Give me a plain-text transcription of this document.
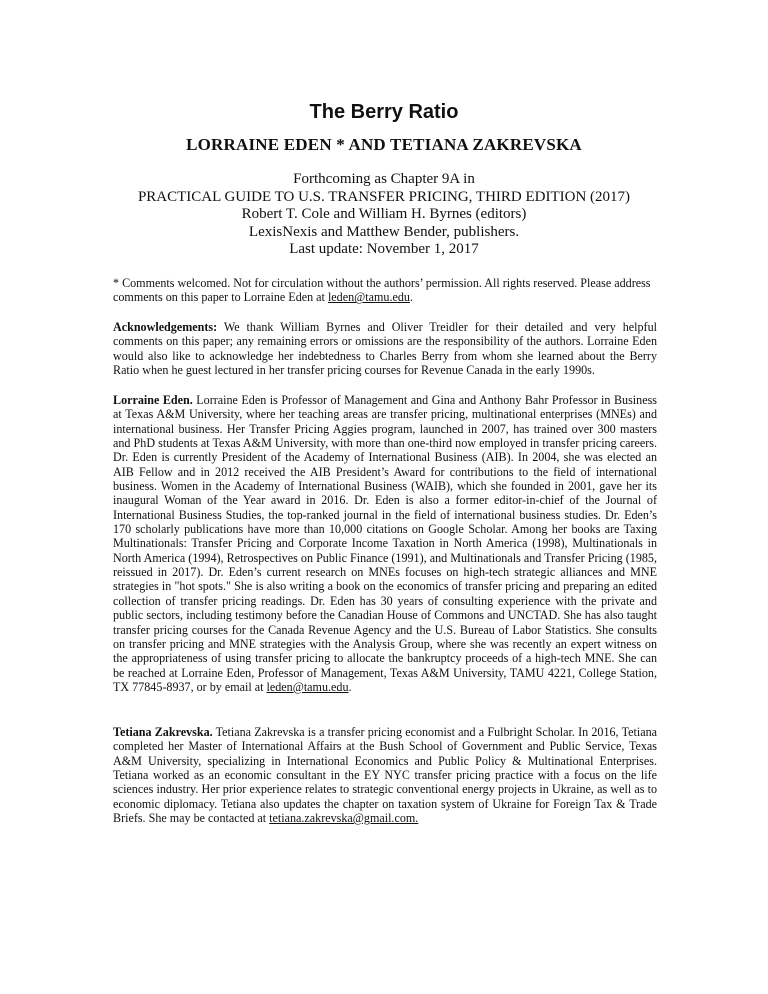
The Berry Ratio
LORRAINE EDEN * AND TETIANA ZAKREVSKA
Forthcoming as Chapter 9A in
PRACTICAL GUIDE TO U.S. TRANSFER PRICING, THIRD EDITION (2017)
Robert T. Cole and William H. Byrnes (editors)
LexisNexis and Matthew Bender, publishers.
Last update: November 1, 2017
* Comments welcomed. Not for circulation without the authors’ permission. All rights reserved. Please address comments on this paper to Lorraine Eden at leden@tamu.edu.
Acknowledgements: We thank William Byrnes and Oliver Treidler for their detailed and very helpful comments on this paper; any remaining errors or omissions are the responsibility of the authors. Lorraine Eden would also like to acknowledge her indebtedness to Charles Berry from whom she learned about the Berry Ratio when he guest lectured in her transfer pricing courses for Revenue Canada in the early 1990s.
Lorraine Eden. Lorraine Eden is Professor of Management and Gina and Anthony Bahr Professor in Business at Texas A&M University, where her teaching areas are transfer pricing, multinational enterprises (MNEs) and international business. Her Transfer Pricing Aggies program, launched in 2007, has trained over 300 masters and PhD students at Texas A&M University, with more than one-third now employed in transfer pricing careers. Dr. Eden is currently President of the Academy of International Business (AIB). In 2004, she was elected an AIB Fellow and in 2012 received the AIB President’s Award for contributions to the field of international business. Women in the Academy of International Business (WAIB), which she founded in 2001, gave her its inaugural Woman of the Year award in 2016. Dr. Eden is also a former editor-in-chief of the Journal of International Business Studies, the top-ranked journal in the field of international business studies. Dr. Eden’s 170 scholarly publications have more than 10,000 citations on Google Scholar. Among her books are Taxing Multinationals: Transfer Pricing and Corporate Income Taxation in North America (1998), Multinationals in North America (1994), Retrospectives on Public Finance (1991), and Multinationals and Transfer Pricing (1985, reissued in 2017). Dr. Eden’s current research on MNEs focuses on high-tech strategic alliances and MNE strategies in "hot spots." She is also writing a book on the economics of transfer pricing and preparing an edited collection of transfer pricing readings. Dr. Eden has 30 years of consulting experience with the private and public sectors, including testimony before the Canadian House of Commons and UNCTAD. She has also taught transfer pricing courses for the Canada Revenue Agency and the U.S. Bureau of Labor Statistics. She consults on transfer pricing and MNE strategies with the Analysis Group, where she was recently an expert witness on the appropriateness of using transfer pricing to allocate the bankruptcy proceeds of a high-tech MNE. She can be reached at Lorraine Eden, Professor of Management, Texas A&M University, TAMU 4221, College Station, TX 77845-8937, or by email at leden@tamu.edu.
Tetiana Zakrevska. Tetiana Zakrevska is a transfer pricing economist and a Fulbright Scholar. In 2016, Tetiana completed her Master of International Affairs at the Bush School of Government and Public Service, Texas A&M University, specializing in International Economics and Public Policy & Multinational Enterprises. Tetiana worked as an economic consultant in the EY NYC transfer pricing practice with a focus on the life sciences industry. Her prior experience relates to strategic conventional energy projects in Ukraine, as well as to economic diplomacy. Tetiana also updates the chapter on taxation system of Ukraine for Foreign Tax & Trade Briefs. She may be contacted at tetiana.zakrevska@gmail.com.
